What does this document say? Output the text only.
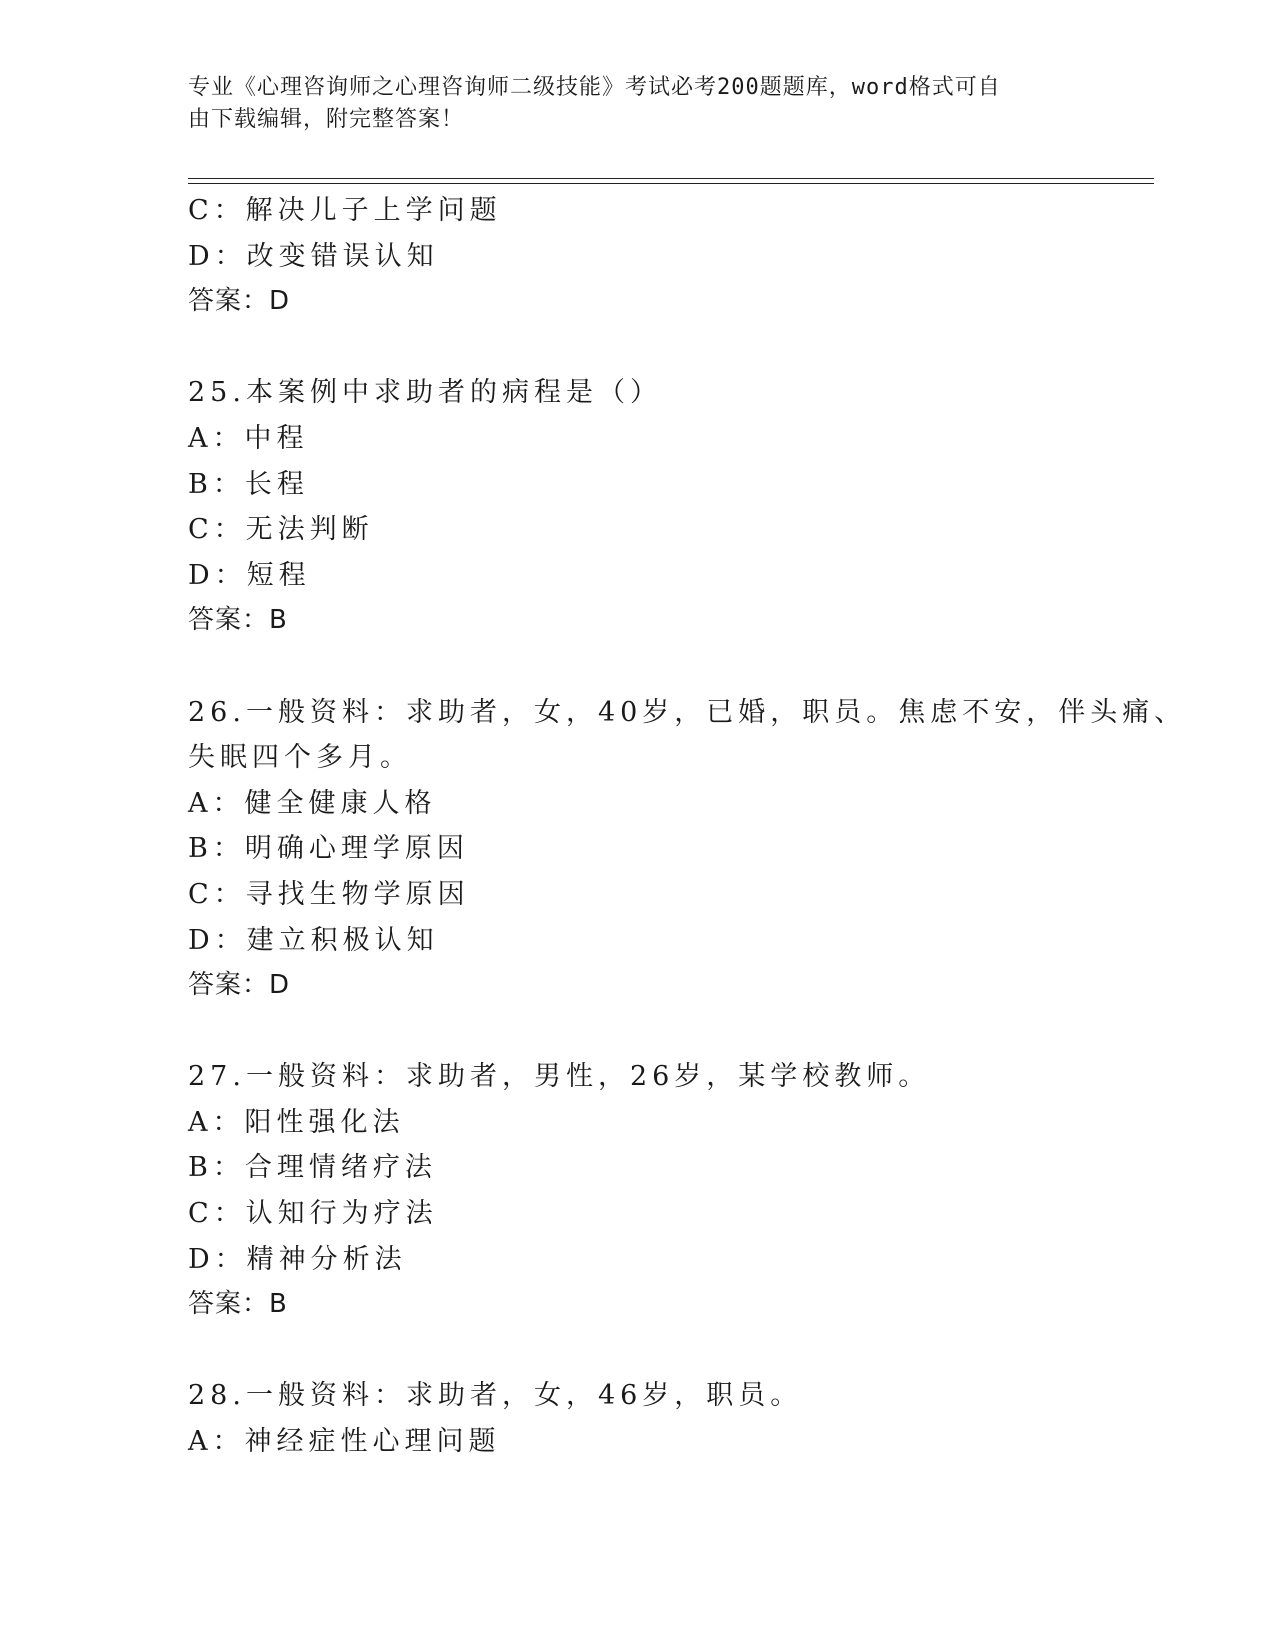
专业《心理咨询师之心理咨询师二级技能》考试必考200题题库，word格式可自
由下载编辑，附完整答案！

C：解决儿子上学问题

D：改变错误认知

答案：D

25.本案例中求助者的病程是（）

A：中程

B：长程

C：无法判断

D：短程

答案：B

26.一般资料：求助者，女，40岁，已婚，职员。焦虑不安，伴头痛、

失眠四个多月。

A：健全健康人格

B：明确心理学原因

C：寻找生物学原因

D：建立积极认知

答案：D

27.一般资料：求助者，男性，26岁，某学校教师。

A：阳性强化法

B：合理情绪疗法

C：认知行为疗法

D：精神分析法

答案：B

28.一般资料：求助者，女，46岁，职员。

A：神经症性心理问题
